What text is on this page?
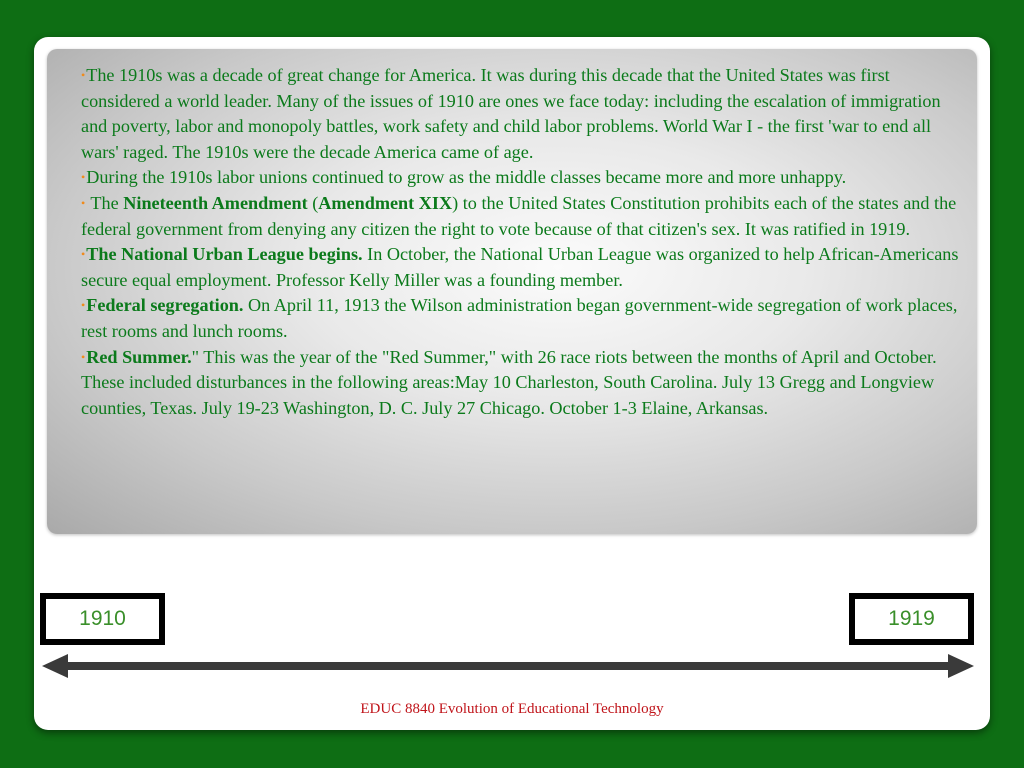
•The 1910s was a decade of great change for America. It was during this decade that the United States was first considered a world leader. Many of the issues of 1910 are ones we face today: including the escalation of immigration and poverty, labor and monopoly battles, work safety and child labor problems. World War I - the first 'war to end all wars' raged. The 1910s were the decade America came of age.
•During the 1910s labor unions continued to grow as the middle classes became more and more unhappy.
• The Nineteenth Amendment (Amendment XIX) to the United States Constitution prohibits each of the states and the federal government from denying any citizen the right to vote because of that citizen's sex. It was ratified in 1919.
•The National Urban League begins. In October, the National Urban League was organized to help African-Americans secure equal employment. Professor Kelly Miller was a founding member.
•Federal segregation. On April 11, 1913 the Wilson administration began government-wide segregation of work places, rest rooms and lunch rooms.
•Red Summer." This was the year of the "Red Summer," with 26 race riots between the months of April and October. These included disturbances in the following areas:May 10 Charleston, South Carolina. July 13 Gregg and Longview counties, Texas. July 19-23 Washington, D. C. July 27 Chicago. October 1-3 Elaine, Arkansas.
1910	1919
EDUC 8840 Evolution of Educational Technology
